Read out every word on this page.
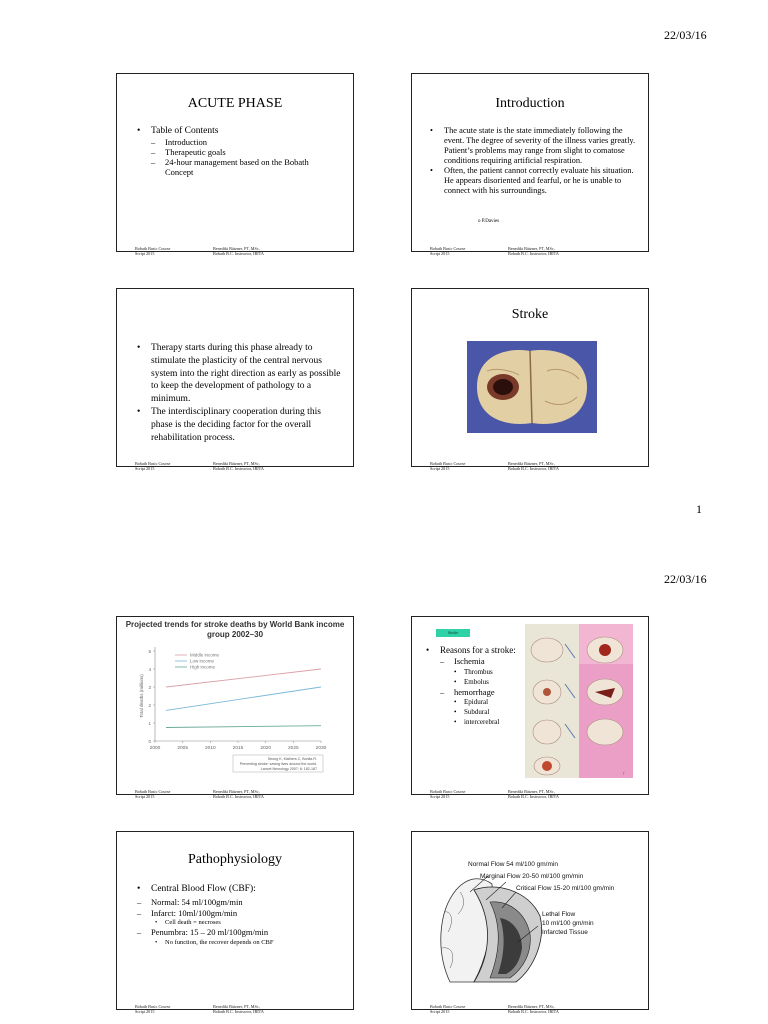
22/03/16
ACUTE PHASE
• Table of Contents
– Introduction
– Therapeutic goals
– 24-hour management based on the Bobath Concept
Bobath Basic Course
Script 2015
Benedikt Bätzner, PT, MSc,
Bobath B.C. Instructor, IBITA
Introduction
• The acute state is the state immediately following the event. The degree of severity of the illness varies greatly. Patient’s problems may range from slight to comatose conditions requiring artificial respiration.
• Often, the patient cannot correctly evaluate his situation. He appears disoriented and fearful, or he is unable to connect with his surroundings.
o P.Davies
Bobath Basic Course
Script 2015
Benedikt Bätzner, PT, MSc,
Bobath B.C. Instructor, IBITA
• Therapy starts during this phase already to stimulate the plasticity of the central nervous system into the right direction as early as possible to keep the development of pathology to a minimum.
• The interdisciplinary cooperation during this phase is the deciding factor for the overall rehabilitation process.
Bobath Basic Course
Script 2015
Benedikt Bätzner, PT, MSc,
Bobath B.C. Instructor, IBITA
Stroke
Bobath Basic Course
Script 2015
Benedikt Bätzner, PT, MSc,
Bobath B.C. Instructor, IBITA
1
22/03/16
Projected trends for stroke deaths by World Bank income group 2002–30
0
1
2
3
4
5
2000	2005	2010	2015	2020	2025	2030
Total deaths (millions)
Middle income
Low income
High income
Strong K, Mathers C, Bonita R.
Preventing stroke: saving lives around the world.
Lancet Neurology 2007; 6: 182-187
Bobath Basic Course
Script 2015
Benedikt Bätzner, PT, MSc,
Bobath B.C. Instructor, IBITA
Stroke
• Reasons for a stroke:
– Ischemia
• Thrombus
• Embolus
– hemorrhage
• Epidural
• Subdural
• intercerebral
/
Bobath Basic Course
Script 2015
Benedikt Bätzner, PT, MSc,
Bobath B.C. Instructor, IBITA
Pathophysiology
• Central Blood Flow (CBF):
– Normal: 54 ml/100gm/min
– Infarct: 10ml/100gm/min
• Cell death = necroses
– Penumbra: 15 – 20 ml/100gm/min
• No function, the recover depends on CBF
Bobath Basic Course
Script 2015
Benedikt Bätzner, PT, MSc,
Bobath B.C. Instructor, IBITA
Normal Flow 54 ml/100 gm/min
Marginal Flow 20-50 ml/100 gm/min
Critical Flow 15-20 ml/100 gm/min
Lethal Flow
10 ml/100 gm/min
Infarcted Tissue
Bobath Basic Course
Script 2015
Benedikt Bätzner, PT, MSc,
Bobath B.C. Instructor, IBITA
